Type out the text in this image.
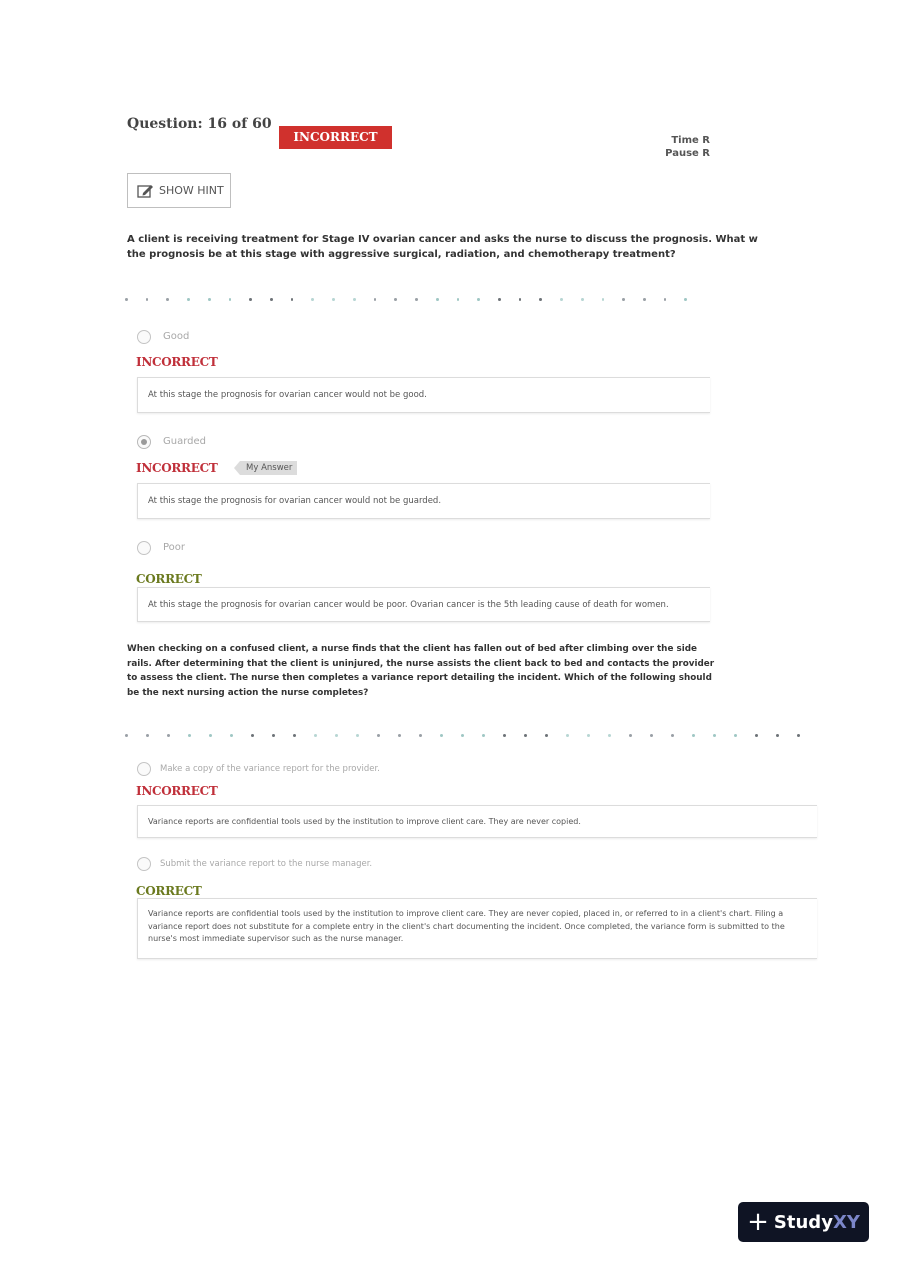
Question: 16 of 60
INCORRECT	Time R
Pause R
SHOW HINT
A client is receiving treatment for Stage IV ovarian cancer and asks the nurse to discuss the prognosis. What w
the prognosis be at this stage with aggressive surgical, radiation, and chemotherapy treatment?
Good
INCORRECT
At this stage the prognosis for ovarian cancer would not be good.
Guarded
INCORRECT	My Answer
At this stage the prognosis for ovarian cancer would not be guarded.
Poor
CORRECT
At this stage the prognosis for ovarian cancer would be poor. Ovarian cancer is the 5th leading cause of death for women.
When checking on a confused client, a nurse finds that the client has fallen out of bed after climbing over the side
rails. After determining that the client is uninjured, the nurse assists the client back to bed and contacts the provider
to assess the client. The nurse then completes a variance report detailing the incident. Which of the following should
be the next nursing action the nurse completes?
Make a copy of the variance report for the provider.
INCORRECT
Variance reports are confidential tools used by the institution to improve client care. They are never copied.
Submit the variance report to the nurse manager.
CORRECT
Variance reports are confidential tools used by the institution to improve client care. They are never copied, placed in, or referred to in a client's chart. Filing a
variance report does not substitute for a complete entry in the client's chart documenting the incident. Once completed, the variance form is submitted to the
nurse's most immediate supervisor such as the nurse manager.
+ Study XY
